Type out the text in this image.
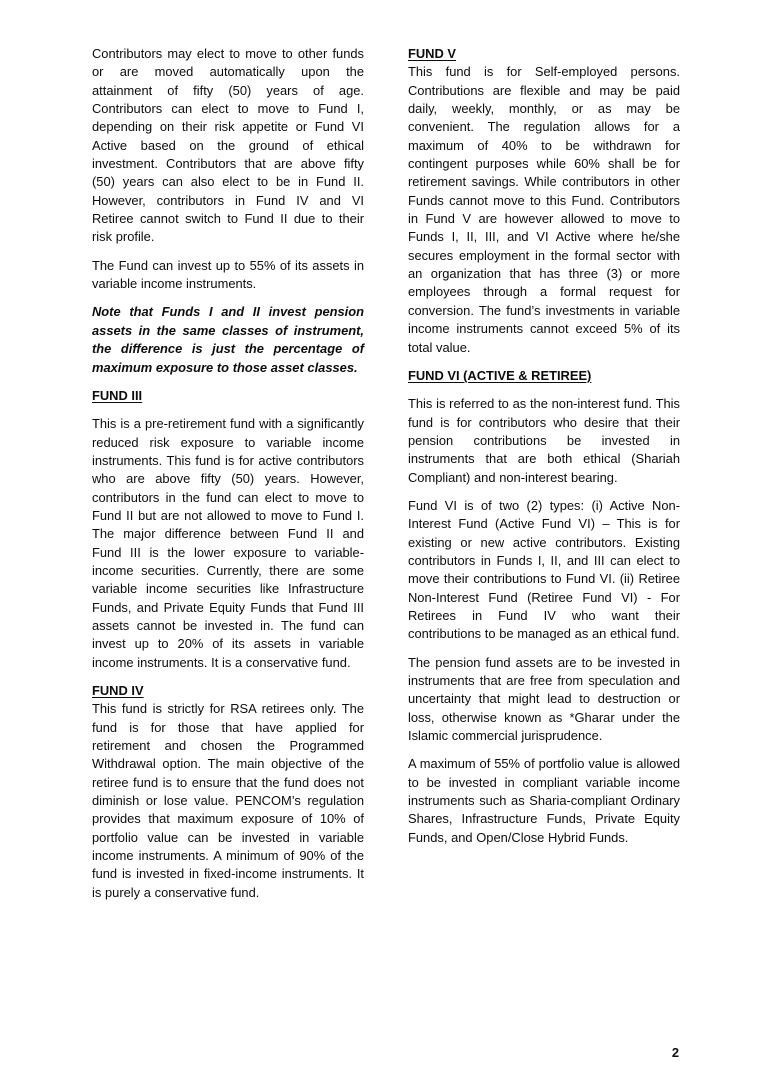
Contributors may elect to move to other funds or are moved automatically upon the attainment of fifty (50) years of age. Contributors can elect to move to Fund I, depending on their risk appetite or Fund VI Active based on the ground of ethical investment. Contributors that are above fifty (50) years can also elect to be in Fund II. However, contributors in Fund IV and VI Retiree cannot switch to Fund II due to their risk profile.

The Fund can invest up to 55% of its assets in variable income instruments.

Note that Funds I and II invest pension assets in the same classes of instrument, the difference is just the percentage of maximum exposure to those asset classes.

FUND III

This is a pre-retirement fund with a significantly reduced risk exposure to variable income instruments. This fund is for active contributors who are above fifty (50) years. However, contributors in the fund can elect to move to Fund II but are not allowed to move to Fund I. The major difference between Fund II and Fund III is the lower exposure to variable-income securities. Currently, there are some variable income securities like Infrastructure Funds, and Private Equity Funds that Fund III assets cannot be invested in. The fund can invest up to 20% of its assets in variable income instruments. It is a conservative fund.

FUND IV

This fund is strictly for RSA retirees only. The fund is for those that have applied for retirement and chosen the Programmed Withdrawal option. The main objective of the retiree fund is to ensure that the fund does not diminish or lose value. PENCOM’s regulation provides that maximum exposure of 10% of portfolio value can be invested in variable income instruments. A minimum of 90% of the fund is invested in fixed-income instruments. It is purely a conservative fund.

FUND V

This fund is for Self-employed persons. Contributions are flexible and may be paid daily, weekly, monthly, or as may be convenient. The regulation allows for a maximum of 40% to be withdrawn for contingent purposes while 60% shall be for retirement savings. While contributors in other Funds cannot move to this Fund. Contributors in Fund V are however allowed to move to Funds I, II, III, and VI Active where he/she secures employment in the formal sector with an organization that has three (3) or more employees through a formal request for conversion. The fund’s investments in variable income instruments cannot exceed 5% of its total value.

FUND VI (ACTIVE & RETIREE)

This is referred to as the non-interest fund. This fund is for contributors who desire that their pension contributions be invested in instruments that are both ethical (Shariah Compliant) and non-interest bearing.

Fund VI is of two (2) types: (i) Active Non-Interest Fund (Active Fund VI) – This is for existing or new active contributors. Existing contributors in Funds I, II, and III can elect to move their contributions to Fund VI. (ii) Retiree Non-Interest Fund (Retiree Fund VI) - For Retirees in Fund IV who want their contributions to be managed as an ethical fund.

The pension fund assets are to be invested in instruments that are free from speculation and uncertainty that might lead to destruction or loss, otherwise known as *Gharar under the Islamic commercial jurisprudence.

A maximum of 55% of portfolio value is allowed to be invested in compliant variable income instruments such as Sharia-compliant Ordinary Shares, Infrastructure Funds, Private Equity Funds, and Open/Close Hybrid Funds.

2
